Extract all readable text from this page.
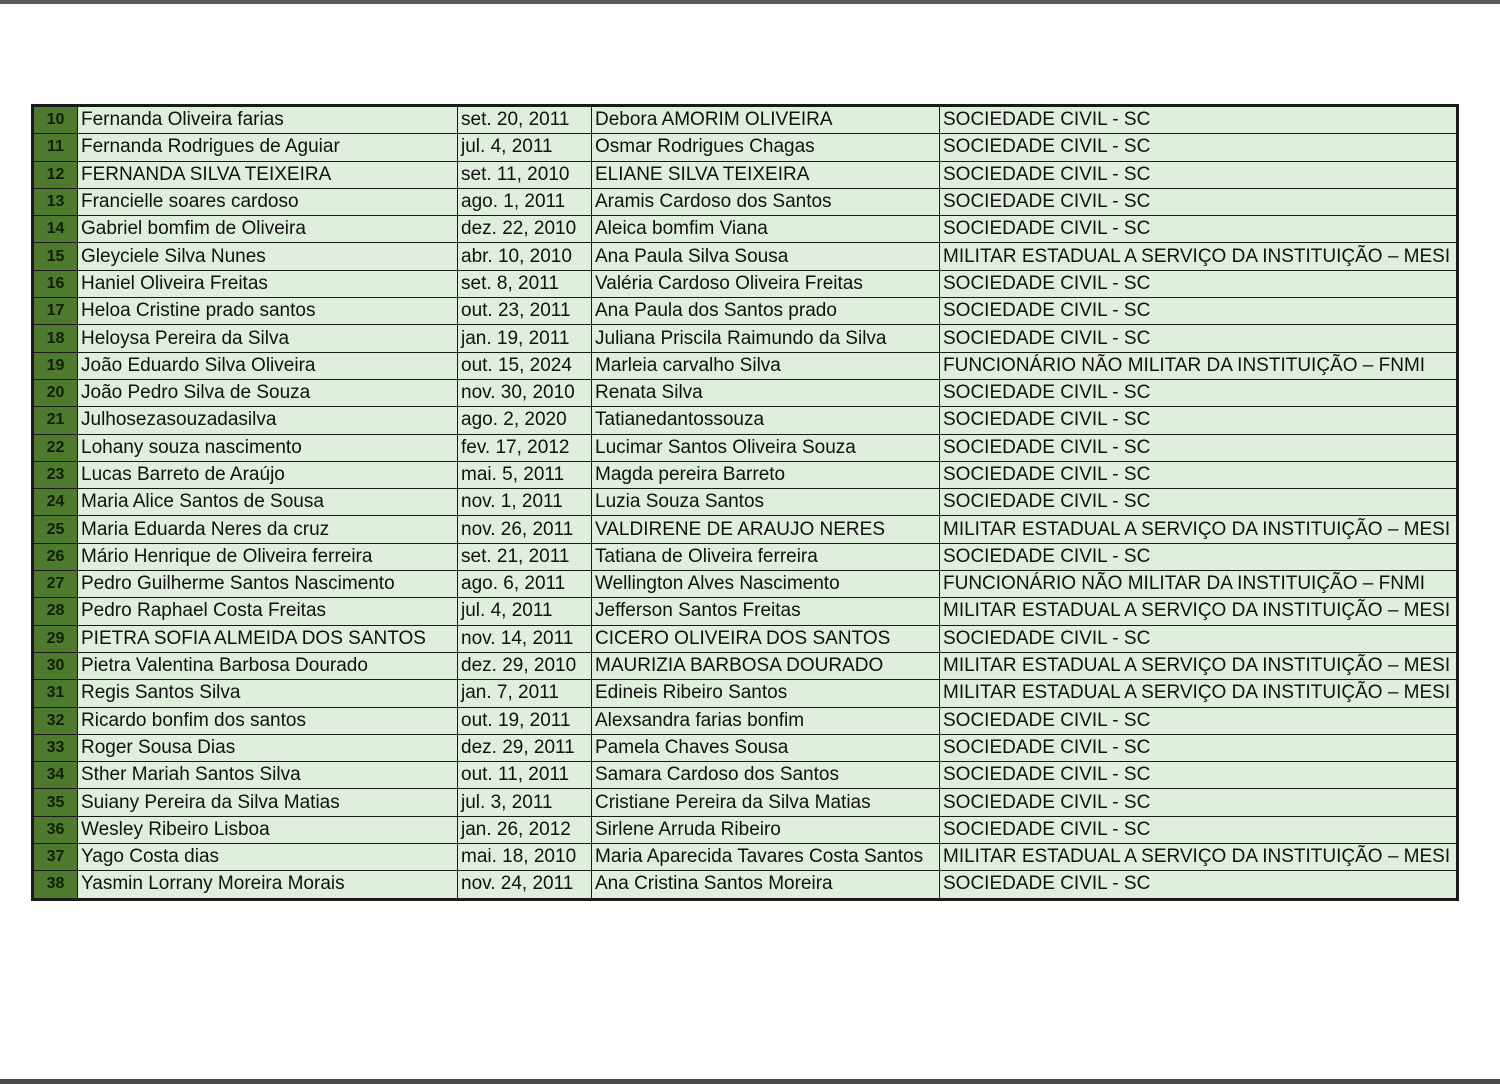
10	Fernanda Oliveira farias	set. 20, 2011	Debora AMORIM OLIVEIRA	SOCIEDADE CIVIL - SC
11	Fernanda Rodrigues de Aguiar	jul. 4, 2011	Osmar Rodrigues Chagas	SOCIEDADE CIVIL - SC
12	FERNANDA SILVA TEIXEIRA	set. 11, 2010	ELIANE SILVA TEIXEIRA	SOCIEDADE CIVIL - SC
13	Francielle soares cardoso	ago. 1, 2011	Aramis Cardoso dos Santos	SOCIEDADE CIVIL - SC
14	Gabriel bomfim de Oliveira	dez. 22, 2010	Aleica bomfim Viana	SOCIEDADE CIVIL - SC
15	Gleyciele Silva Nunes	abr. 10, 2010	Ana Paula Silva Sousa	MILITAR ESTADUAL A SERVIÇO DA INSTITUIÇÃO – MESI
16	Haniel Oliveira Freitas	set. 8, 2011	Valéria Cardoso Oliveira Freitas	SOCIEDADE CIVIL - SC
17	Heloa Cristine prado santos	out. 23, 2011	Ana Paula dos Santos prado	SOCIEDADE CIVIL - SC
18	Heloysa Pereira da Silva	jan. 19, 2011	Juliana Priscila Raimundo da Silva	SOCIEDADE CIVIL - SC
19	João Eduardo Silva Oliveira	out. 15, 2024	Marleia carvalho Silva	FUNCIONÁRIO NÃO MILITAR DA INSTITUIÇÃO – FNMI
20	João Pedro Silva de Souza	nov. 30, 2010	Renata Silva	SOCIEDADE CIVIL - SC
21	Julhosezasouzadasilva	ago. 2, 2020	Tatianedantossouza	SOCIEDADE CIVIL - SC
22	Lohany souza nascimento	fev. 17, 2012	Lucimar Santos Oliveira Souza	SOCIEDADE CIVIL - SC
23	Lucas Barreto de Araújo	mai. 5, 2011	Magda pereira Barreto	SOCIEDADE CIVIL - SC
24	Maria Alice Santos de Sousa	nov. 1, 2011	Luzia Souza Santos	SOCIEDADE CIVIL - SC
25	Maria Eduarda Neres da cruz	nov. 26, 2011	VALDIRENE DE ARAUJO NERES	MILITAR ESTADUAL A SERVIÇO DA INSTITUIÇÃO – MESI
26	Mário Henrique de Oliveira ferreira	set. 21, 2011	Tatiana de Oliveira ferreira	SOCIEDADE CIVIL - SC
27	Pedro Guilherme Santos Nascimento	ago. 6, 2011	Wellington Alves Nascimento	FUNCIONÁRIO NÃO MILITAR DA INSTITUIÇÃO – FNMI
28	Pedro Raphael Costa Freitas	jul. 4, 2011	Jefferson Santos Freitas	MILITAR ESTADUAL A SERVIÇO DA INSTITUIÇÃO – MESI
29	PIETRA SOFIA ALMEIDA DOS SANTOS	nov. 14, 2011	CICERO OLIVEIRA DOS SANTOS	SOCIEDADE CIVIL - SC
30	Pietra Valentina Barbosa Dourado	dez. 29, 2010	MAURIZIA BARBOSA DOURADO	MILITAR ESTADUAL A SERVIÇO DA INSTITUIÇÃO – MESI
31	Regis Santos Silva	jan. 7, 2011	Edineis Ribeiro Santos	MILITAR ESTADUAL A SERVIÇO DA INSTITUIÇÃO – MESI
32	Ricardo bonfim dos santos	out. 19, 2011	Alexsandra farias bonfim	SOCIEDADE CIVIL - SC
33	Roger Sousa Dias	dez. 29, 2011	Pamela Chaves Sousa	SOCIEDADE CIVIL - SC
34	Sther Mariah Santos Silva	out. 11, 2011	Samara Cardoso dos Santos	SOCIEDADE CIVIL - SC
35	Suiany Pereira da Silva Matias	jul. 3, 2011	Cristiane Pereira da Silva Matias	SOCIEDADE CIVIL - SC
36	Wesley Ribeiro Lisboa	jan. 26, 2012	Sirlene Arruda Ribeiro	SOCIEDADE CIVIL - SC
37	Yago Costa dias	mai. 18, 2010	Maria Aparecida Tavares Costa Santos	MILITAR ESTADUAL A SERVIÇO DA INSTITUIÇÃO – MESI
38	Yasmin Lorrany Moreira Morais	nov. 24, 2011	Ana Cristina Santos Moreira	SOCIEDADE CIVIL - SC
